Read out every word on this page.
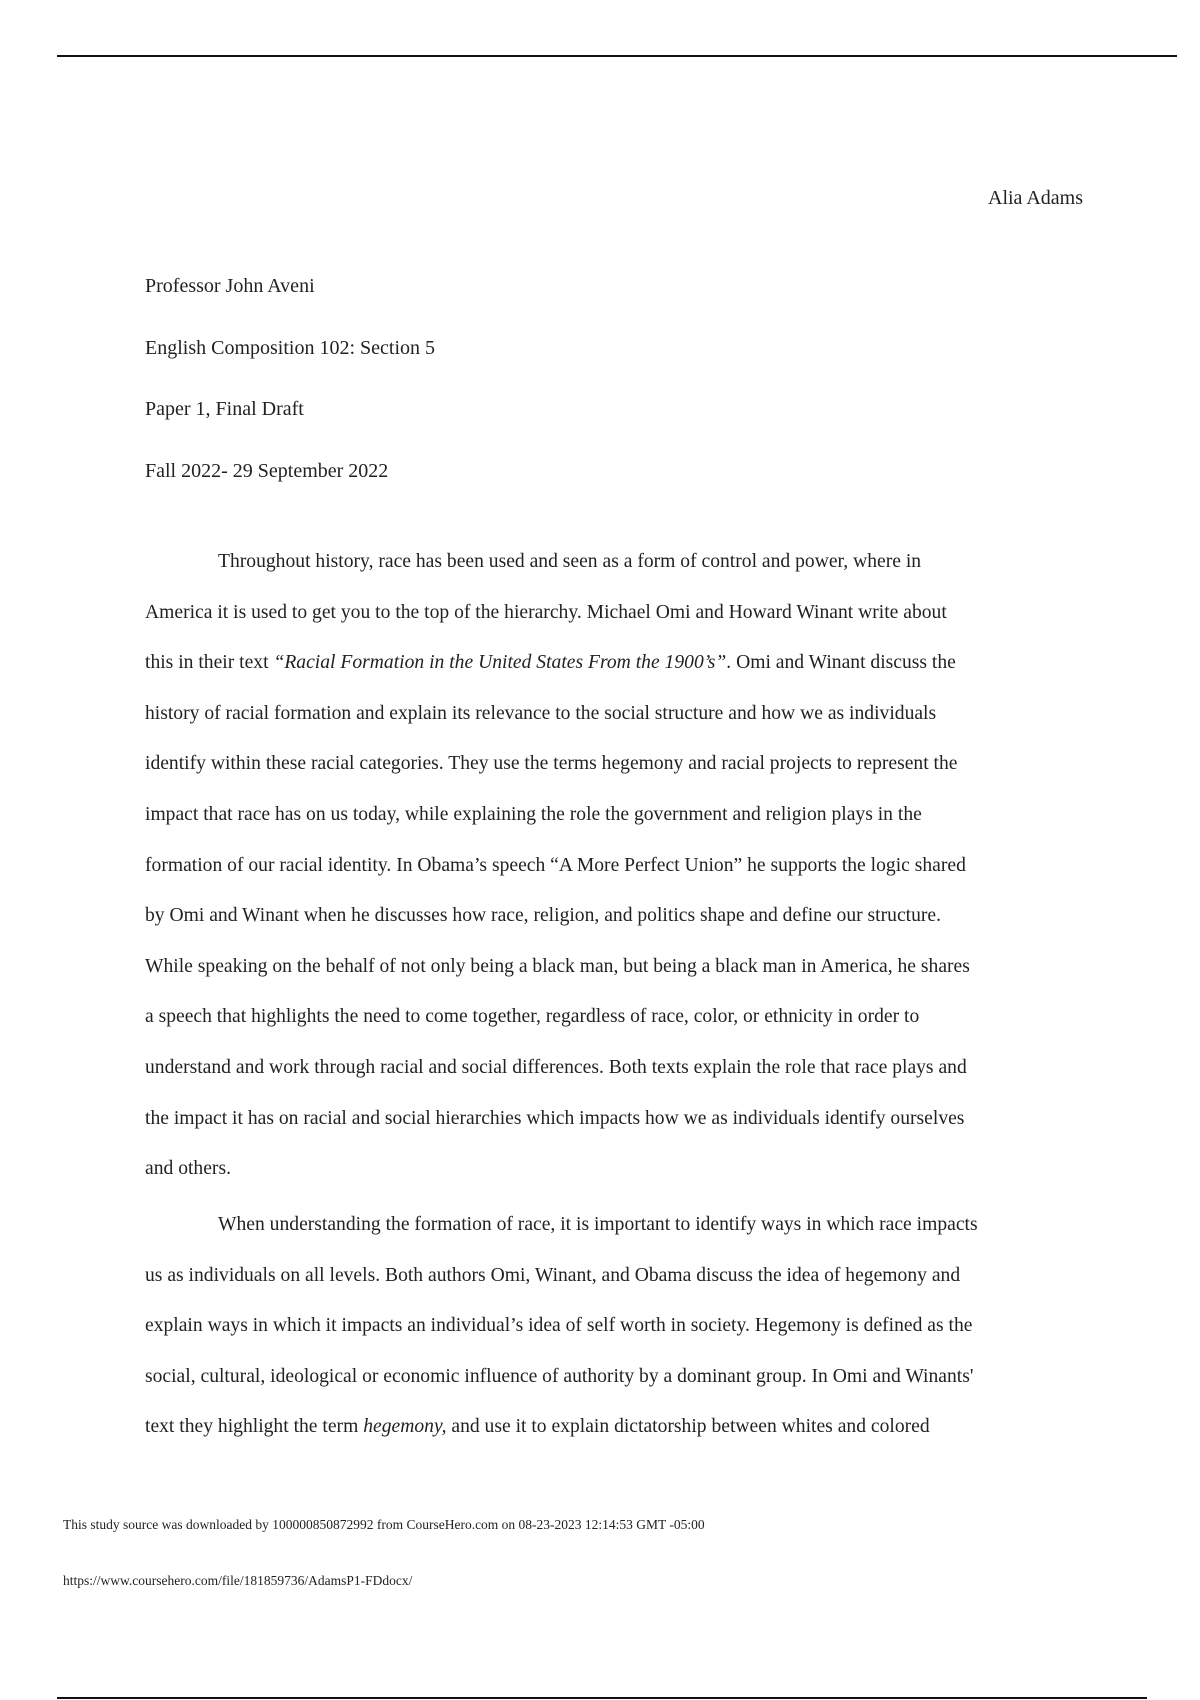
Alia Adams
Professor John Aveni
English Composition 102: Section 5
Paper 1, Final Draft
Fall 2022- 29 September 2022
Throughout history, race has been used and seen as a form of control and power, where in
America it is used to get you to the top of the hierarchy. Michael Omi and Howard Winant write about
this in their text “Racial Formation in the United States From the 1900’s”. Omi and Winant discuss the
history of racial formation and explain its relevance to the social structure and how we as individuals
identify within these racial categories. They use the terms hegemony and racial projects to represent the
impact that race has on us today, while explaining the role the government and religion plays in the
formation of our racial identity. In Obama’s speech “A More Perfect Union” he supports the logic shared
by Omi and Winant when he discusses how race, religion, and politics shape and define our structure.
While speaking on the behalf of not only being a black man, but being a black man in America, he shares
a speech that highlights the need to come together, regardless of race, color, or ethnicity in order to
understand and work through racial and social differences. Both texts explain the role that race plays and
the impact it has on racial and social hierarchies which impacts how we as individuals identify ourselves
and others.
When understanding the formation of race, it is important to identify ways in which race impacts
us as individuals on all levels. Both authors Omi, Winant, and Obama discuss the idea of hegemony and
explain ways in which it impacts an individual’s idea of self worth in society. Hegemony is defined as the
social, cultural, ideological or economic influence of authority by a dominant group. In Omi and Winants'
text they highlight the term hegemony, and use it to explain dictatorship between whites and colored
This study source was downloaded by 100000850872992 from CourseHero.com on 08-23-2023 12:14:53 GMT -05:00
https://www.coursehero.com/file/181859736/AdamsP1-FDdocx/
